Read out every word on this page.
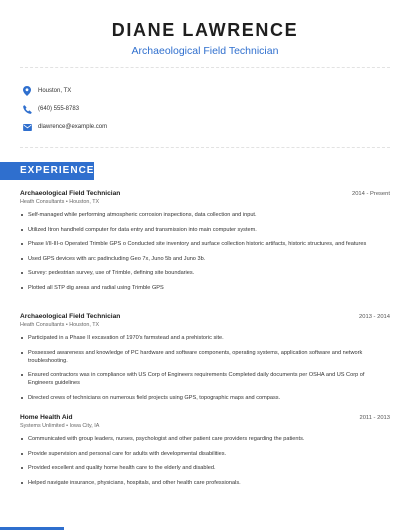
DIANE LAWRENCE
Archaeological Field Technician
Houston, TX
(640) 555-8783
dlawrence@example.com
EXPERIENCE
Archaeological Field Technician	2014 - Present
Heath Consultants • Houston, TX
Self-managed while performing atmospheric corrosion inspections, data collection and input.
Utilized Itron handheld computer for data entry and transmission into main computer system.
Phase I/II-III-o Operated Trimble GPS o Conducted site inventory and surface collection historic artifacts, historic structures, and features
Used GPS devices with arc padincluding Geo 7x, Juno 5b and Juno 3b.
Survey: pedestrian survey, use of Trimble, defining site boundaries.
Plotted all STP dig areas and radial using Trimble GPS
Archaeological Field Technician	2013 - 2014
Heath Consultants • Houston, TX
Participated in a Phase II excavation of 1970's farmstead and a prehistoric site.
Possessed awareness and knowledge of PC hardware and software components, operating systems, application software and network troubleshooting.
Ensured contractors was in compliance with US Corp of Engineers requirements Completed daily documents per OSHA and US Corp of Engineers guidelines
Directed crews of technicians on numerous field projects using GPS, topographic maps and compass.
Home Health Aid	2011 - 2013
Systems Unlimited • Iowa City, IA
Communicated with group leaders, nurses, psychologist and other patient care providers regarding the patients.
Provide supervision and personal care for adults with developmental disabilities.
Provided excellent and quality home health care to the elderly and disabled.
Helped navigate insurance, physicians, hospitals, and other health care professionals.
